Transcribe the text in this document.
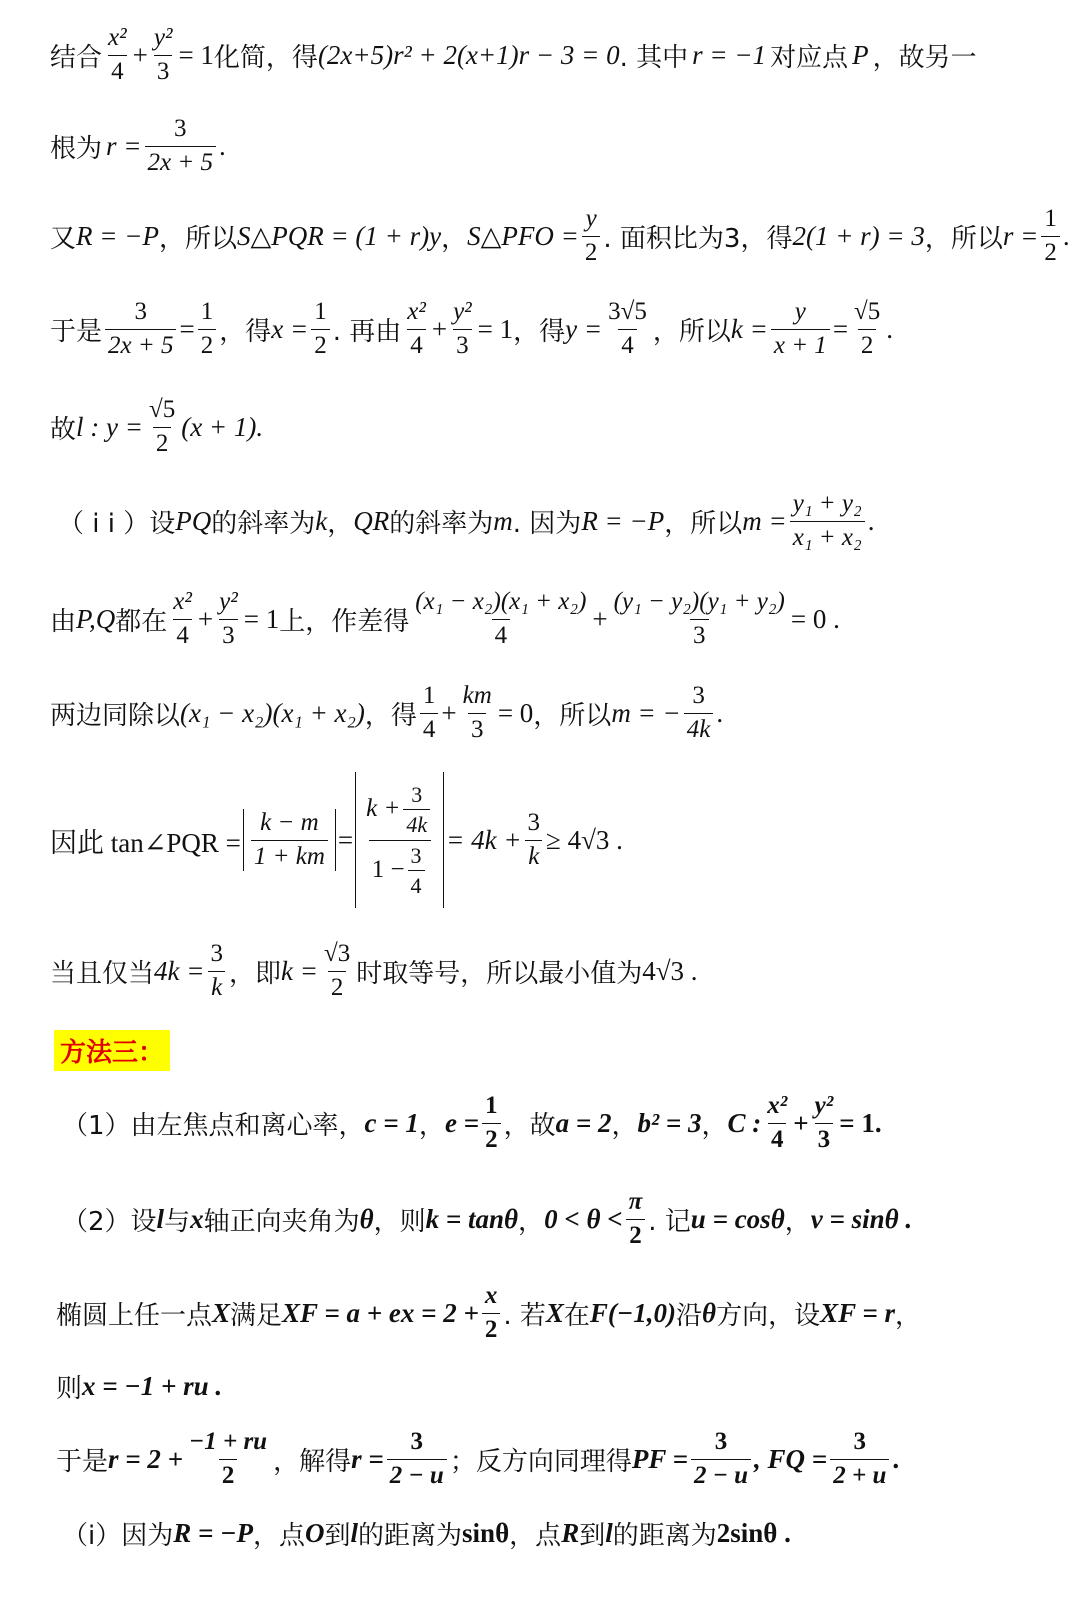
结合 $\frac{\text{x²}}{4} + \frac{\text{y²}}{3} = 1$ 化简，得 (2x+5)r² + 2(x+1)r − 3 = 0 . 其中 r = −1 对应点 P ，故另一
根为 $r = \frac{3}{2x + 5}$ .
又 R = −P ，所以 S△PQR = (1 + r)y ， S△PFO = $\frac{y}{2}$ . 面积比为3，得 2(1 + r) = 3 ，所以 $r = \frac{1}{2}$ .
于是 $\frac{3}{2x + 5} = \frac{1}{2}$ ，得 $x = \frac{1}{2}$ . 再由 $\frac{\text{x²}}{4} + \frac{\text{y²}}{3} = 1$ ，得 $y = \frac{3√5}{4}$ ，所以 $k = \frac{y}{x + 1} = \frac{√5}{2}$ .
故 l : $y = \frac{√5}{2} (x + 1)$.
（ i i ）设 PQ 的斜率为 k ， QR 的斜率为 m . 因为 R = −P ，所以 $m = \frac{\text{y₁ + y₂}}{\text{x₁ + x₂}}$ .
由 P,Q 都在 $\frac{\text{x²}}{4} + \frac{\text{y²}}{3} = 1$ 上，作差得 $\frac{\text{(x₁ − x₂)(x₁ + x₂)}}{4} + \frac{\text{(y₁ − y₂)(y₁ + y₂)}}{3} = 0$ .
两边同除以 (x₁ − x₂)(x₁ + x₂) ，得 $\frac{1}{4} + \frac{km}{3} = 0$ ，所以 m = − $\frac{3}{4k}$ .
因此 tan∠PQR = $\frac{k - m}{1 + km} = \frac{k + \frac{3}{4k}}{1 - \frac{3}{4}} = 4k + \frac{3}{k} \ge 4√3$ .
当且仅当 $4k = \frac{3}{k}$ ，即 $k = \frac{√3}{2}$ 时取等号，所以最小值为 4√3 .
方法三：
（1）由左焦点和离心率， c = 1 ， $e = \frac{1}{2}$ ，故 a = 2 ， b² = 3 ， C : $\frac{\text{x²}}{4} + \frac{\text{y²}}{3} = 1$.
（2）设 l 与 x 轴正向夹角为 θ ，则 k = tanθ ， $0 < \theta < \frac{\pi}{2}$ . 记 u = cosθ ， v = sinθ .
椭圆上任一点 X 满足 XF = a + ex = $2 + \frac{x}{2}$ . 若 X 在 F(−1,0) 沿 θ 方向，设 XF = r ，
则 x = −1 + ru .
于是 $r = 2 + \frac{-1 + ru}{2}$ ，解得 $r = \frac{3}{2 - u}$ ；反方向同理得 PF = $\frac{3}{2 - u}$ , FQ = $\frac{3}{2 + u}$ .
（i）因为 R = −P ，点 O 到 l 的距离为 sinθ ，点 R 到 l 的距离为 2sinθ .
